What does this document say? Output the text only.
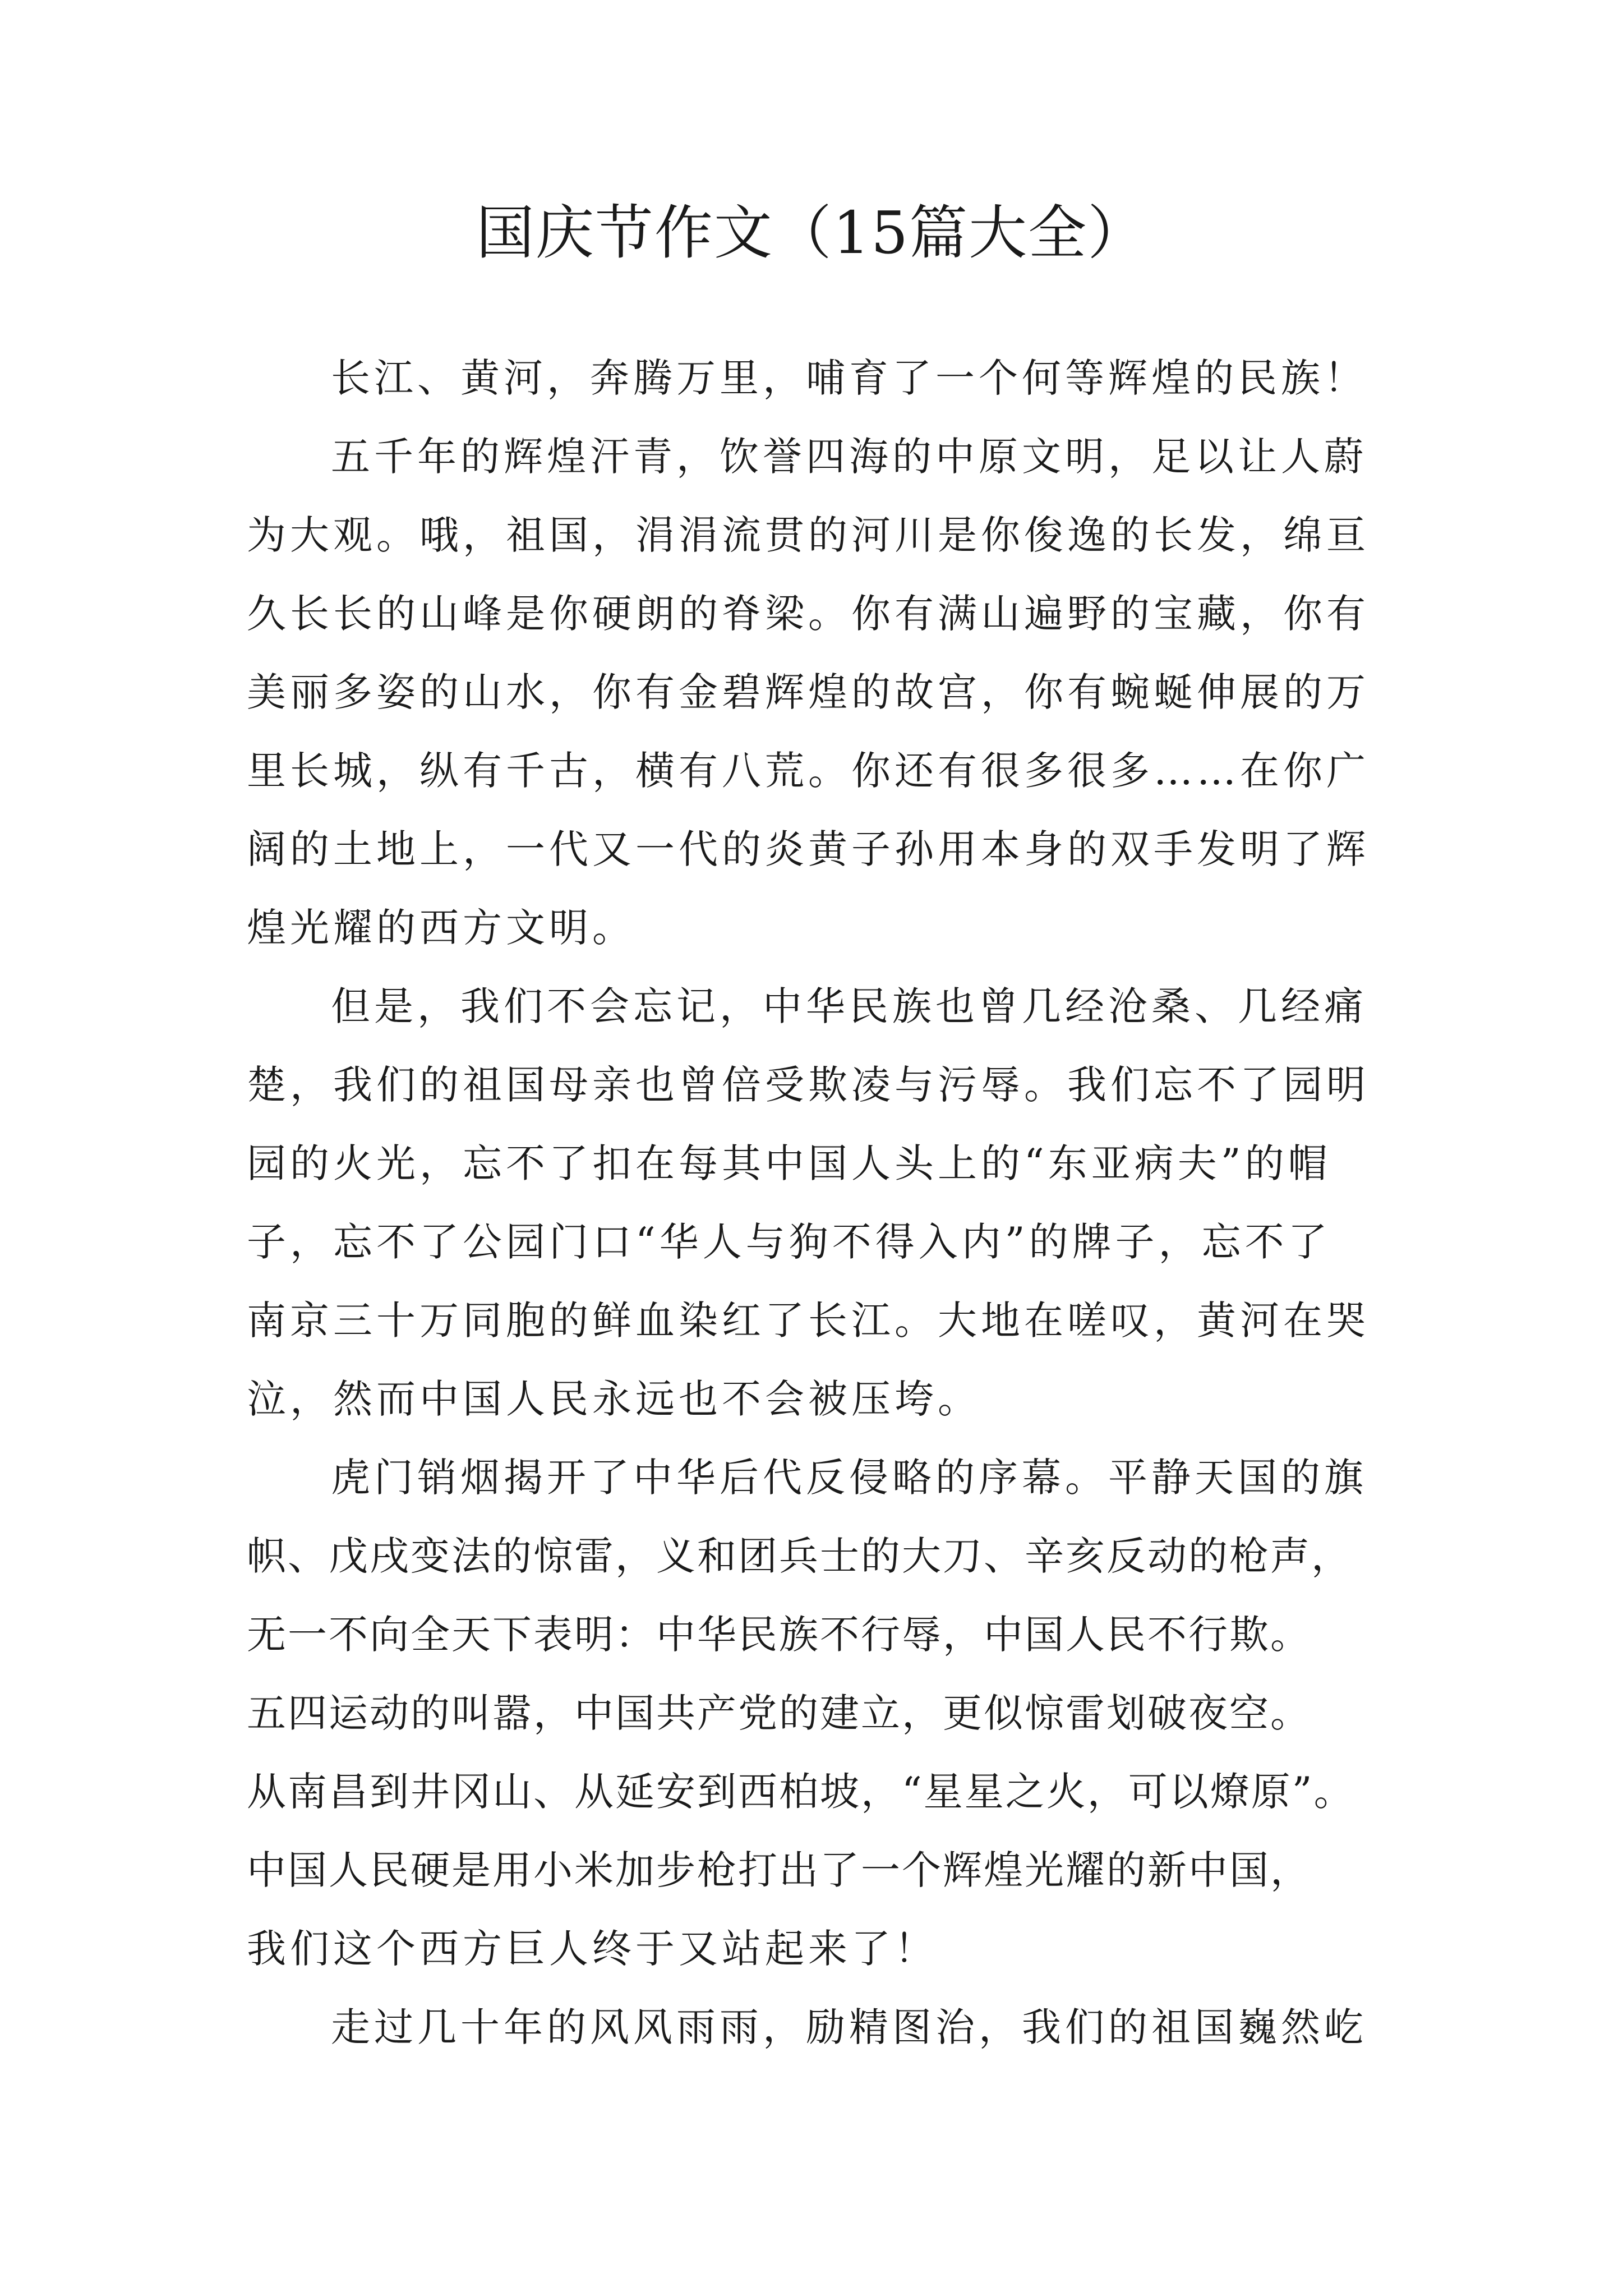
国庆节作文（15篇大全）
长江、黄河，奔腾万里，哺育了一个何等辉煌的民族！
五千年的辉煌汗青，饮誉四海的中原文明，足以让人蔚
为大观。哦，祖国，涓涓流贯的河川是你俊逸的长发，绵亘
久长长的山峰是你硬朗的脊梁。你有满山遍野的宝藏，你有
美丽多姿的山水，你有金碧辉煌的故宫，你有蜿蜒伸展的万
里长城，纵有千古，横有八荒。你还有很多很多……在你广
阔的土地上，一代又一代的炎黄子孙用本身的双手发明了辉
煌光耀的西方文明。
但是，我们不会忘记，中华民族也曾几经沧桑、几经痛
楚，我们的祖国母亲也曾倍受欺凌与污辱。我们忘不了园明
园的火光，忘不了扣在每其中国人头上的“东亚病夫”的帽
子，忘不了公园门口“华人与狗不得入内”的牌子，忘不了
南京三十万同胞的鲜血染红了长江。大地在嗟叹，黄河在哭
泣，然而中国人民永远也不会被压垮。
虎门销烟揭开了中华后代反侵略的序幕。平静天国的旗
帜、戊戌变法的惊雷，义和团兵士的大刀、辛亥反动的枪声，
无一不向全天下表明：中华民族不行辱，中国人民不行欺。
五四运动的叫嚣，中国共产党的建立，更似惊雷划破夜空。
从南昌到井冈山、从延安到西柏坡，“星星之火，可以燎原”。
中国人民硬是用小米加步枪打出了一个辉煌光耀的新中国，
我们这个西方巨人终于又站起来了！
走过几十年的风风雨雨，励精图治，我们的祖国巍然屹
